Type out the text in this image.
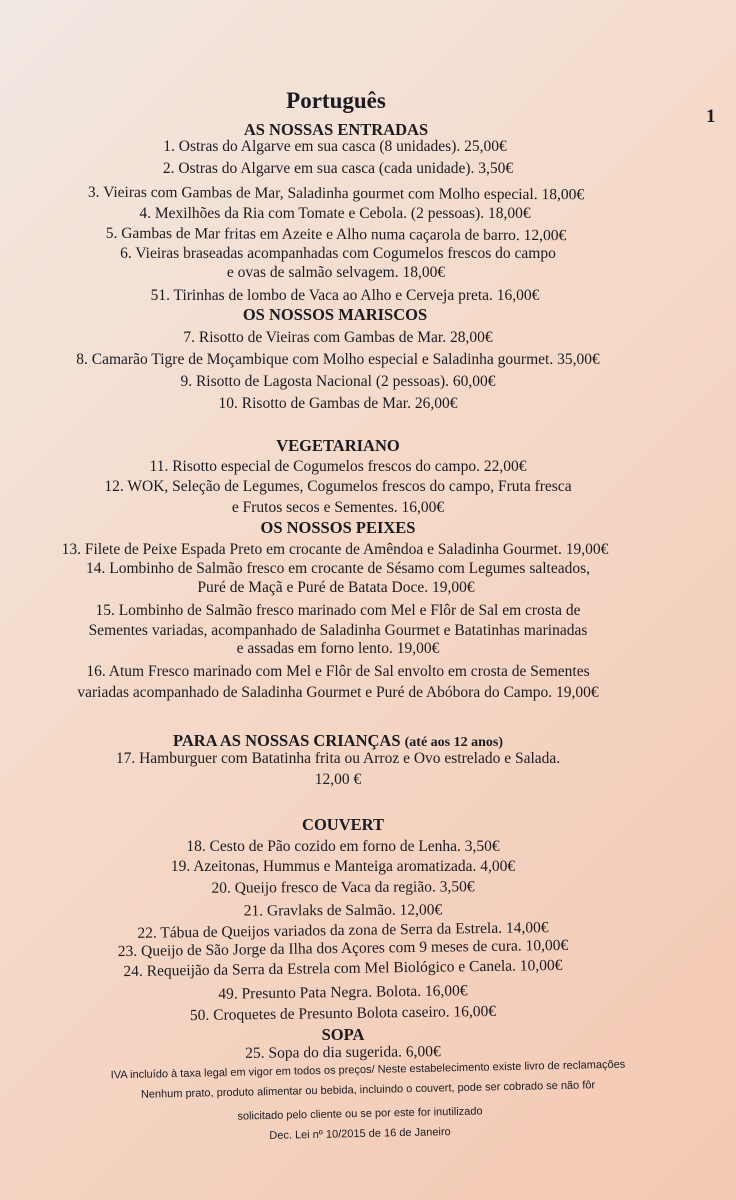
1
Português
AS NOSSAS ENTRADAS
1. Ostras do Algarve em sua casca (8 unidades). 25,00€
2. Ostras do Algarve em sua casca (cada unidade). 3,50€
3. Vieiras com Gambas de Mar, Saladinha gourmet com Molho especial. 18,00€
4. Mexilhões da Ria com Tomate e Cebola. (2 pessoas). 18,00€
5. Gambas de Mar fritas em Azeite e Alho numa caçarola de barro. 12,00€
6. Vieiras braseadas acompanhadas com Cogumelos frescos do campo
e ovas de salmão selvagem. 18,00€
51. Tirinhas de lombo de Vaca ao Alho e Cerveja preta. 16,00€
OS NOSSOS MARISCOS
7. Risotto de Vieiras com Gambas de Mar. 28,00€
8. Camarão Tigre de Moçambique com Molho especial e Saladinha gourmet. 35,00€
9. Risotto de Lagosta Nacional (2 pessoas). 60,00€
10. Risotto de Gambas de Mar. 26,00€
VEGETARIANO
11. Risotto especial de Cogumelos frescos do campo. 22,00€
12. WOK, Seleção de Legumes, Cogumelos frescos do campo, Fruta fresca
e Frutos secos e Sementes. 16,00€
OS NOSSOS PEIXES
13. Filete de Peixe Espada Preto em crocante de Amêndoa e Saladinha Gourmet. 19,00€
14. Lombinho de Salmão fresco em crocante de Sésamo com Legumes salteados,
Puré de Maçã e Puré de Batata Doce. 19,00€
15. Lombinho de Salmão fresco marinado com Mel e Flôr de Sal em crosta de
Sementes variadas, acompanhado de Saladinha Gourmet e Batatinhas marinadas
e assadas em forno lento. 19,00€
16. Atum Fresco marinado com Mel e Flôr de Sal envolto em crosta de Sementes
variadas acompanhado de Saladinha Gourmet e Puré de Abóbora do Campo. 19,00€
PARA AS NOSSAS CRIANÇAS (até aos 12 anos)
17. Hamburguer com Batatinha frita ou Arroz e Ovo estrelado e Salada.
12,00 €
COUVERT
18. Cesto de Pão cozido em forno de Lenha. 3,50€
19. Azeitonas, Hummus e Manteiga aromatizada. 4,00€
20. Queijo fresco de Vaca da região. 3,50€
21. Gravlaks de Salmão. 12,00€
22. Tábua de Queijos variados da zona de Serra da Estrela. 14,00€
23. Queijo de São Jorge da Ilha dos Açores com 9 meses de cura. 10,00€
24. Requeijão da Serra da Estrela com Mel Biológico e Canela. 10,00€
49. Presunto Pata Negra. Bolota. 16,00€
50. Croquetes de Presunto Bolota caseiro. 16,00€
SOPA
25. Sopa do dia sugerida. 6,00€
IVA incluído à taxa legal em vigor em todos os preços/ Neste estabelecimento existe livro de reclamações
Nenhum prato, produto alimentar ou bebida, incluindo o couvert, pode ser cobrado se não fôr
solicitado pelo cliente ou se por este for inutilizado
Dec. Lei nº 10/2015 de 16 de Janeiro
